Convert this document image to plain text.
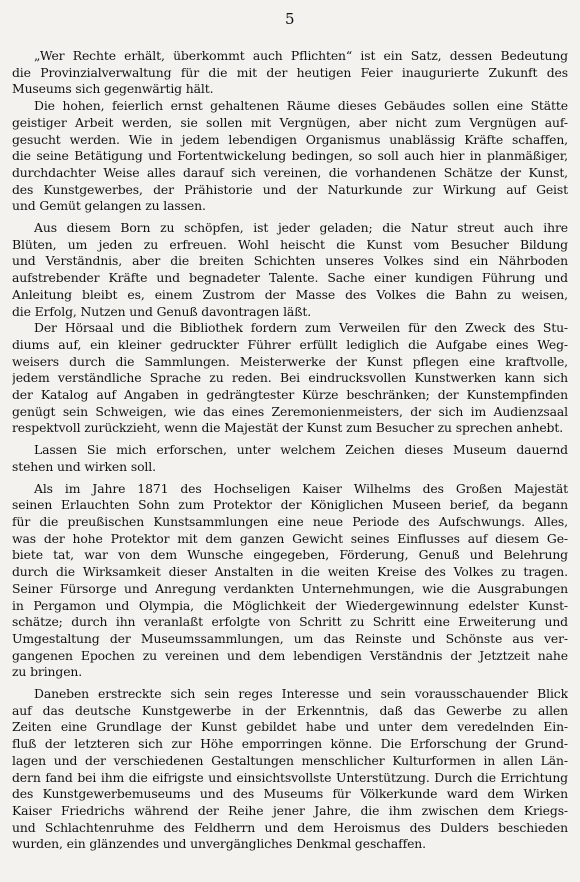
5
„Wer Rechte erhält, überkommt auch Pflichten“ ist ein Satz, dessen Bedeutung
die Provinzialverwaltung für die mit der heutigen Feier inaugurierte Zukunft des
Museums sich gegenwärtig hält.
Die hohen, feierlich ernst gehaltenen Räume dieses Gebäudes sollen eine Stätte
geistiger Arbeit werden, sie sollen mit Vergnügen, aber nicht zum Vergnügen auf-
gesucht werden. Wie in jedem lebendigen Organismus unablässig Kräfte schaffen,
die seine Betätigung und Fortentwickelung bedingen, so soll auch hier in planmäßiger,
durchdachter Weise alles darauf sich vereinen, die vorhandenen Schätze der Kunst,
des Kunstgewerbes, der Prähistorie und der Naturkunde zur Wirkung auf Geist
und Gemüt gelangen zu lassen.
Aus diesem Born zu schöpfen, ist jeder geladen; die Natur streut auch ihre
Blüten, um jeden zu erfreuen. Wohl heischt die Kunst vom Besucher Bildung
und Verständnis, aber die breiten Schichten unseres Volkes sind ein Nährboden
aufstrebender Kräfte und begnadeter Talente. Sache einer kundigen Führung und
Anleitung bleibt es, einem Zustrom der Masse des Volkes die Bahn zu weisen,
die Erfolg, Nutzen und Genuß davontragen läßt.
Der Hörsaal und die Bibliothek fordern zum Verweilen für den Zweck des Stu-
diums auf, ein kleiner gedruckter Führer erfüllt lediglich die Aufgabe eines Weg-
weisers durch die Sammlungen. Meisterwerke der Kunst pflegen eine kraftvolle,
jedem verständliche Sprache zu reden. Bei eindrucksvollen Kunstwerken kann sich
der Katalog auf Angaben in gedrängtester Kürze beschränken; der Kunstempfinden
genügt sein Schweigen, wie das eines Zeremonienmeisters, der sich im Audienzsaal
respektvoll zurückzieht, wenn die Majestät der Kunst zum Besucher zu sprechen anhebt.
Lassen Sie mich erforschen, unter welchem Zeichen dieses Museum dauernd
stehen und wirken soll.
Als im Jahre 1871 des Hochseligen Kaiser Wilhelms des Großen Majestät
seinen Erlauchten Sohn zum Protektor der Königlichen Museen berief, da begann
für die preußischen Kunstsammlungen eine neue Periode des Aufschwungs. Alles,
was der hohe Protektor mit dem ganzen Gewicht seines Einflusses auf diesem Ge-
biete tat, war von dem Wunsche eingegeben, Förderung, Genuß und Belehrung
durch die Wirksamkeit dieser Anstalten in die weiten Kreise des Volkes zu tragen.
Seiner Fürsorge und Anregung verdankten Unternehmungen, wie die Ausgrabungen
in Pergamon und Olympia, die Möglichkeit der Wiedergewinnung edelster Kunst-
schätze; durch ihn veranlaßt erfolgte von Schritt zu Schritt eine Erweiterung und
Umgestaltung der Museumssammlungen, um das Reinste und Schönste aus ver-
gangenen Epochen zu vereinen und dem lebendigen Verständnis der Jetztzeit nahe
zu bringen.
Daneben erstreckte sich sein reges Interesse und sein vorausschauender Blick
auf das deutsche Kunstgewerbe in der Erkenntnis, daß das Gewerbe zu allen
Zeiten eine Grundlage der Kunst gebildet habe und unter dem veredelnden Ein-
fluß der letzteren sich zur Höhe emporringen könne. Die Erforschung der Grund-
lagen und der verschiedenen Gestaltungen menschlicher Kulturformen in allen Län-
dern fand bei ihm die eifrigste und einsichtsvollste Unterstützung. Durch die Errichtung
des Kunstgewerbemuseums und des Museums für Völkerkunde ward dem Wirken
Kaiser Friedrichs während der Reihe jener Jahre, die ihm zwischen dem Kriegs-
und Schlachtenruhme des Feldherrn und dem Heroismus des Dulders beschieden
wurden, ein glänzendes und unvergängliches Denkmal geschaffen.
